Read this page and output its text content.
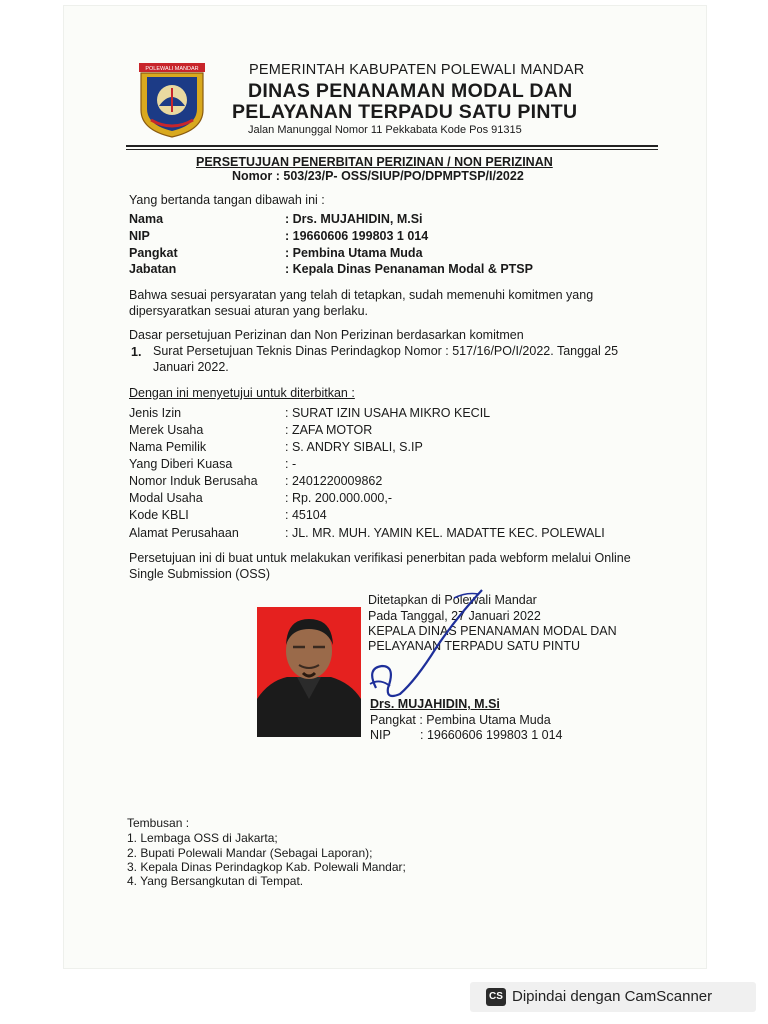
POLEWALI MANDAR	PEMERINTAH KABUPATEN POLEWALI MANDAR
DINAS PENANAMAN MODAL DAN
PELAYANAN TERPADU SATU PINTU
Jalan Manunggal Nomor 11 Pekkabata Kode Pos 91315
PERSETUJUAN PENERBITAN PERIZINAN / NON PERIZINAN
Nomor : 503/23/P- OSS/SIUP/PO/DPMPTSP/I/2022
Yang bertanda tangan dibawah ini :
Nama	: Drs. MUJAHIDIN, M.Si
NIP	: 19660606 199803 1 014
Pangkat	: Pembina Utama Muda
Jabatan	: Kepala Dinas Penanaman Modal & PTSP
Bahwa sesuai persyaratan yang telah di tetapkan, sudah memenuhi komitmen yang dipersyaratkan sesuai aturan yang berlaku.
Dasar persetujuan Perizinan dan Non Perizinan berdasarkan komitmen
1. Surat Persetujuan Teknis Dinas Perindagkop Nomor : 517/16/PO/I/2022. Tanggal 25 Januari 2022.
Dengan ini menyetujui untuk diterbitkan :
Jenis Izin	: SURAT IZIN USAHA MIKRO KECIL
Merek Usaha	: ZAFA MOTOR
Nama Pemilik	: S. ANDRY SIBALI, S.IP
Yang Diberi Kuasa	: -
Nomor Induk Berusaha : 2401220009862
Modal Usaha	: Rp. 200.000.000,-
Kode KBLI	: 45104
Alamat Perusahaan	: JL. MR. MUH. YAMIN KEL. MADATTE KEC. POLEWALI
Persetujuan ini di buat untuk melakukan verifikasi penerbitan pada webform melalui Online Single Submission (OSS)
Ditetapkan di Polewali Mandar
Pada Tanggal, 27 Januari 2022
KEPALA DINAS PENANAMAN MODAL DAN
PELAYANAN TERPADU SATU PINTU
Drs. MUJAHIDIN, M.Si
Pangkat : Pembina Utama Muda
NIP : 19660606 199803 1 014
Tembusan :
1. Lembaga OSS di Jakarta;
2. Bupati Polewali Mandar (Sebagai Laporan);
3. Kepala Dinas Perindagkop Kab. Polewali Mandar;
4. Yang Bersangkutan di Tempat.
CS Dipindai dengan CamScanner
